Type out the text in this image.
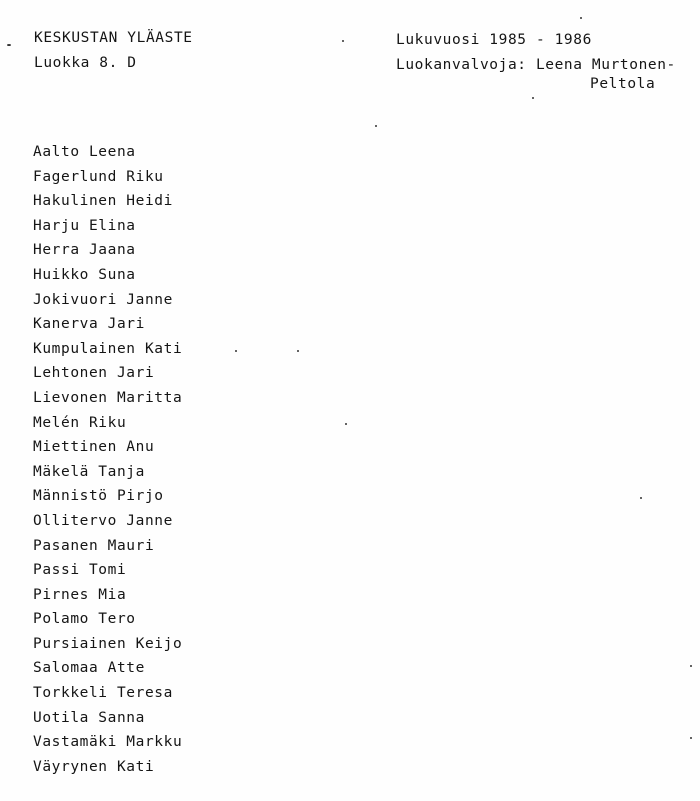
KESKUSTAN YLÄASTE
Luokka 8. D
Lukuvuosi 1985 - 1986
Luokanvalvoja: Leena Murtonen-
Peltola
Aalto Leena
Fagerlund Riku
Hakulinen Heidi
Harju Elina
Herra Jaana
Huikko Suna
Jokivuori Janne
Kanerva Jari
Kumpulainen Kati
Lehtonen Jari
Lievonen Maritta
Melén Riku
Miettinen Anu
Mäkelä Tanja
Männistö Pirjo
Ollitervo Janne
Pasanen Mauri
Passi Tomi
Pirnes Mia
Polamo Tero
Pursiainen Keijo
Salomaa Atte
Torkkeli Teresa
Uotila Sanna
Vastamäki Markku
Väyrynen Kati
